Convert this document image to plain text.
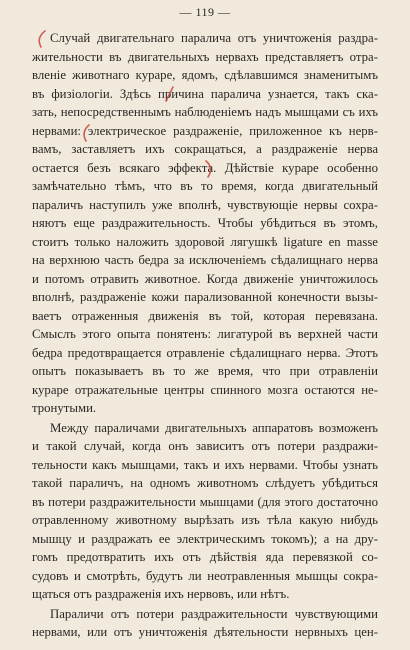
— 119 —
Случай двигательнаго паралича отъ уничтоженія раздра-
жительности въ двигательныхъ нервахъ представляетъ отра-
вленіе животнаго кураре, ядомъ, сдѣлавшимся знаменитымъ
въ физіологіи. Здѣсь причина паралича узнается, такъ ска-
зать, непосредственнымъ наблюденіемъ надъ мышцами съ ихъ
нервами: электрическое раздраженіе, приложенное къ нерв-
вамъ, заставляетъ ихъ сокращаться, а раздраженіе нерва
остается безъ всякаго эффекта. Дѣйствіе кураре особенно
замѣчательно тѣмъ, что въ то время, когда двигательный
параличъ наступилъ уже вполнѣ, чувствующіе нервы сохра-
няютъ еще раздражительность. Чтобы убѣдиться въ этомъ,
стоитъ только наложить здоровой лягушкѣ ligature en masse
на верхнюю часть бедра за исключеніемъ сѣдалищнаго нерва
и потомъ отравить животное. Когда движеніе уничтожилось
вполнѣ, раздраженіе кожи парализованной конечности вызы-
ваетъ отраженныя движенія въ той, которая перевязана.
Смыслъ этого опыта понятенъ: лигатурой въ верхней части
бедра предотвращается отравленіе сѣдалищнаго нерва. Этотъ
опытъ показываетъ въ то же время, что при отравленіи
кураре отражательные центры спинного мозга остаются не-
тронутыми.
Между параличами двигательныхъ аппаратовъ возможенъ
и такой случай, когда онъ зависитъ отъ потери раздражи-
тельности какъ мышцами, такъ и ихъ нервами. Чтобы узнать
такой параличъ, на одномъ животномъ слѣдуетъ убѣдиться
въ потери раздражительности мышцами (для этого достаточно
отравленному животному вырѣзать изъ тѣла какую нибудь
мышцу и раздражать ее электрическимъ токомъ); а на дру-
гомъ предотвратить ихъ отъ дѣйствія яда перевязкой со-
судовъ и смотрѣть, будутъ ли неотравленныя мышцы сокра-
щаться отъ раздраженія ихъ нервовъ, или нѣтъ.
Параличи отъ потери раздражительности чувствующими
нервами, или отъ уничтоженія дѣятельности нервныхъ цен-
